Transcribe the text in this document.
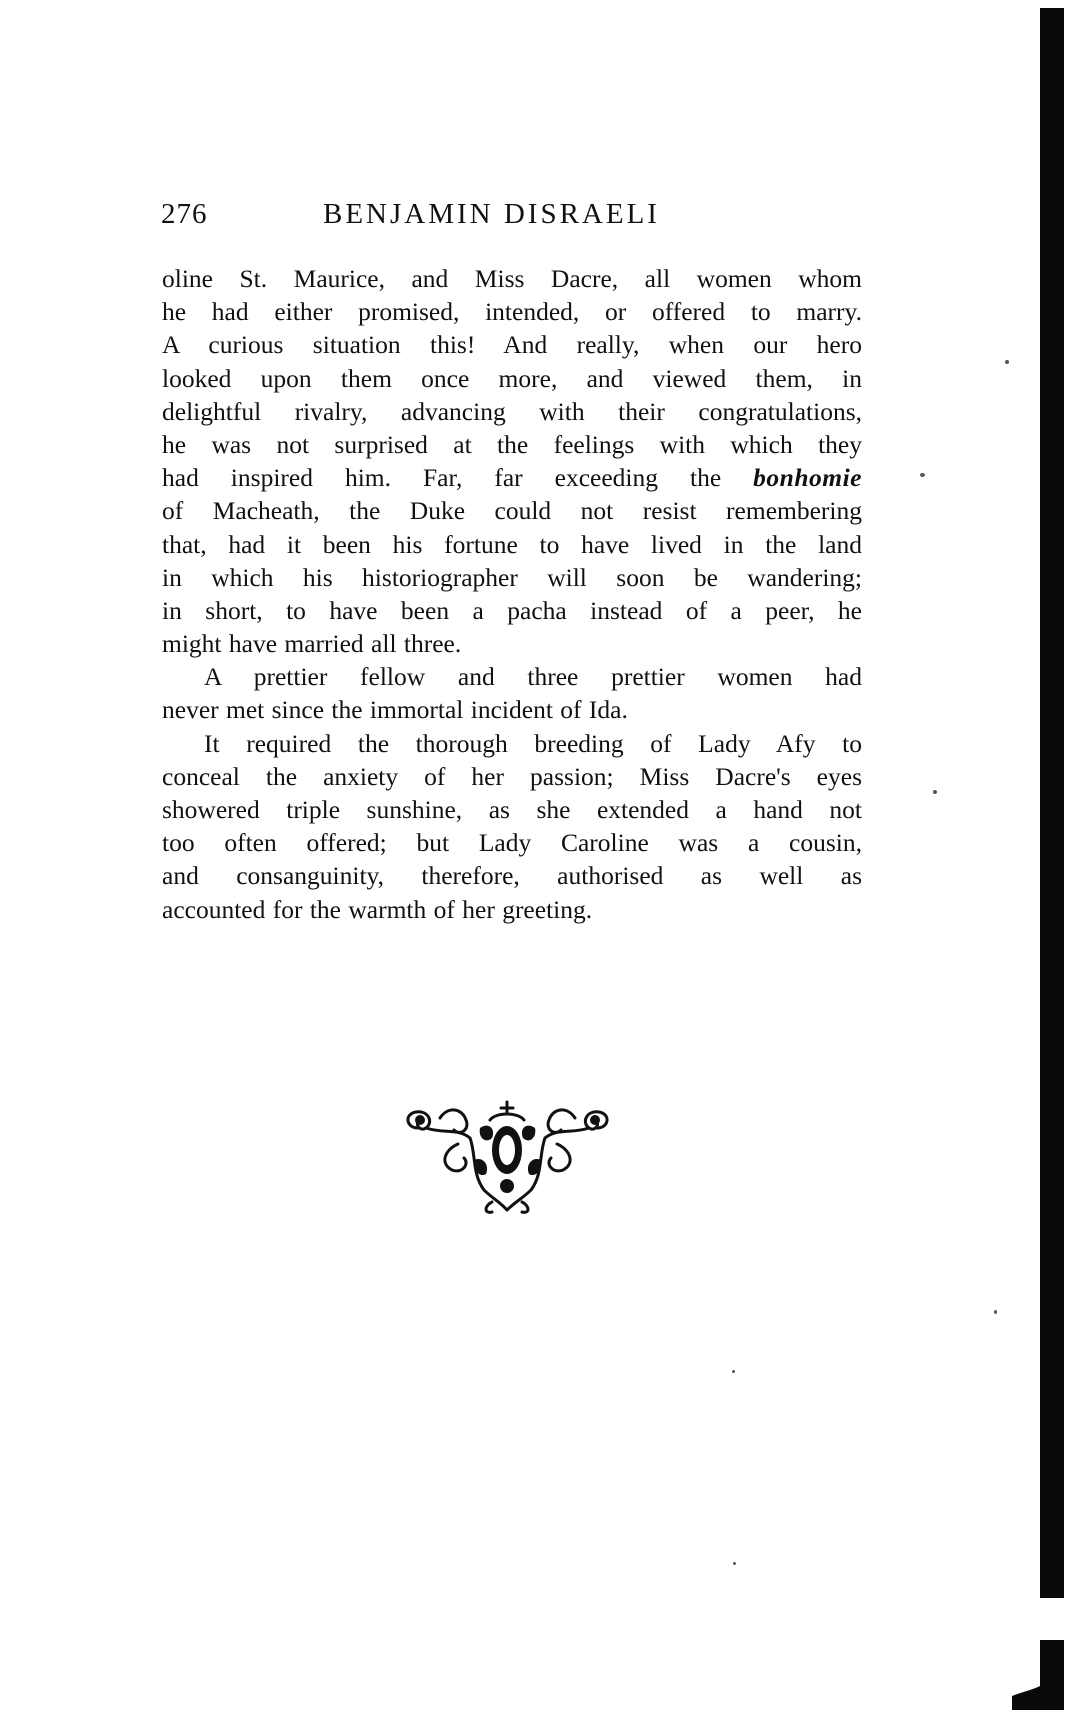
276	BENJAMIN DISRAELI
oline St. Maurice, and Miss Dacre, all women whom
he had either promised, intended, or offered to marry.
A curious situation this! And really, when our hero
looked upon them once more, and viewed them, in
delightful rivalry, advancing with their congratulations,
he was not surprised at the feelings with which they
had inspired him. Far, far exceeding the bonhomie
of Macheath, the Duke could not resist remembering
that, had it been his fortune to have lived in the land
in which his historiographer will soon be wandering;
in short, to have been a pacha instead of a peer, he
might have married all three.
A prettier fellow and three prettier women had
never met since the immortal incident of Ida.
It required the thorough breeding of Lady Afy to
conceal the anxiety of her passion; Miss Dacre's eyes
showered triple sunshine, as she extended a hand not
too often offered; but Lady Caroline was a cousin,
and consanguinity, therefore, authorised as well as
accounted for the warmth of her greeting.
